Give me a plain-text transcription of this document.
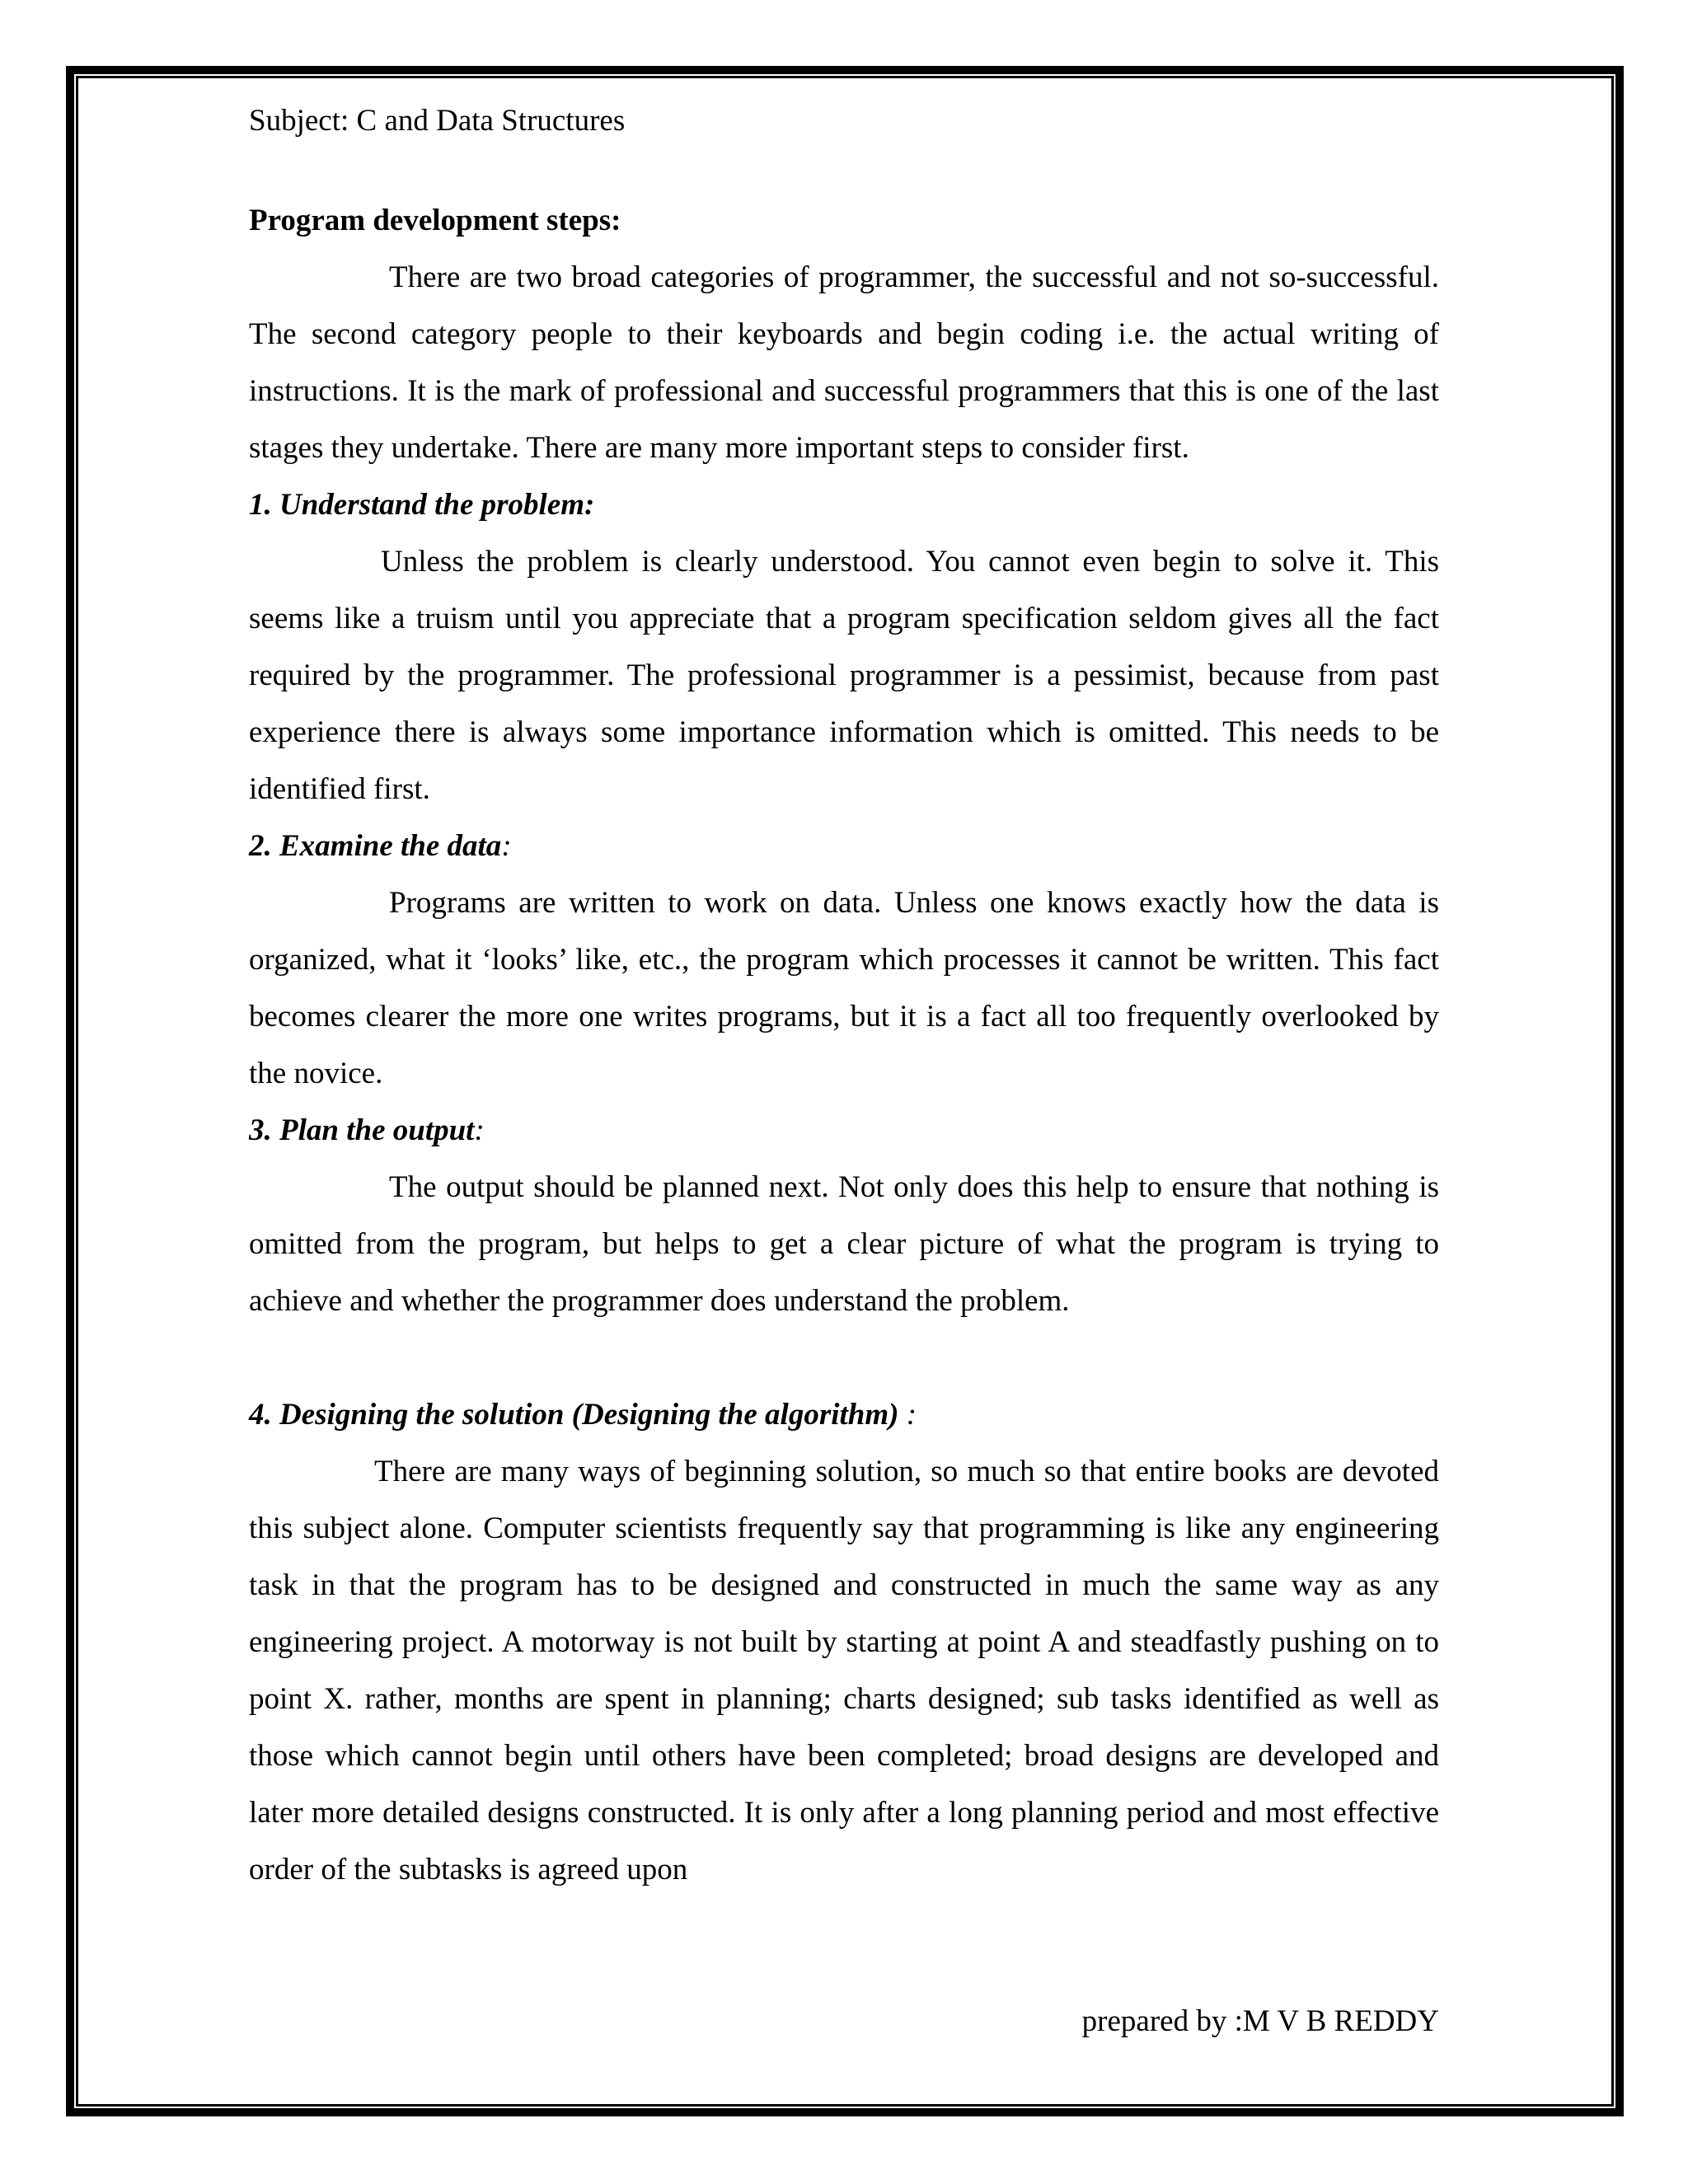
Subject: C and Data Structures
Program development steps:

There are two broad categories of programmer, the successful and not so-successful. The second category people to their keyboards and begin coding i.e. the actual writing of instructions. It is the mark of professional and successful programmers that this is one of the last stages they undertake. There are many more important steps to consider first.

1. Understand the problem:

Unless the problem is clearly understood. You cannot even begin to solve it. This seems like a truism until you appreciate that a program specification seldom gives all the fact required by the programmer. The professional programmer is a pessimist, because from past experience there is always some importance information which is omitted. This needs to be identified first.

2. Examine the data:

Programs are written to work on data. Unless one knows exactly how the data is organized, what it ‘looks’ like, etc., the program which processes it cannot be written. This fact becomes clearer the more one writes programs, but it is a fact all too frequently overlooked by the novice.

3. Plan the output:

The output should be planned next. Not only does this help to ensure that nothing is omitted from the program, but helps to get a clear picture of what the program is trying to achieve and whether the programmer does understand the problem.

4. Designing the solution (Designing the algorithm) :

There are many ways of beginning solution, so much so that entire books are devoted this subject alone. Computer scientists frequently say that programming is like any engineering task in that the program has to be designed and constructed in much the same way as any engineering project. A motorway is not built by starting at point A and steadfastly pushing on to point X. rather, months are spent in planning; charts designed; sub tasks identified as well as those which cannot begin until others have been completed; broad designs are developed and later more detailed designs constructed. It is only after a long planning period and most effective order of the subtasks is agreed upon

prepared by :M V B REDDY
